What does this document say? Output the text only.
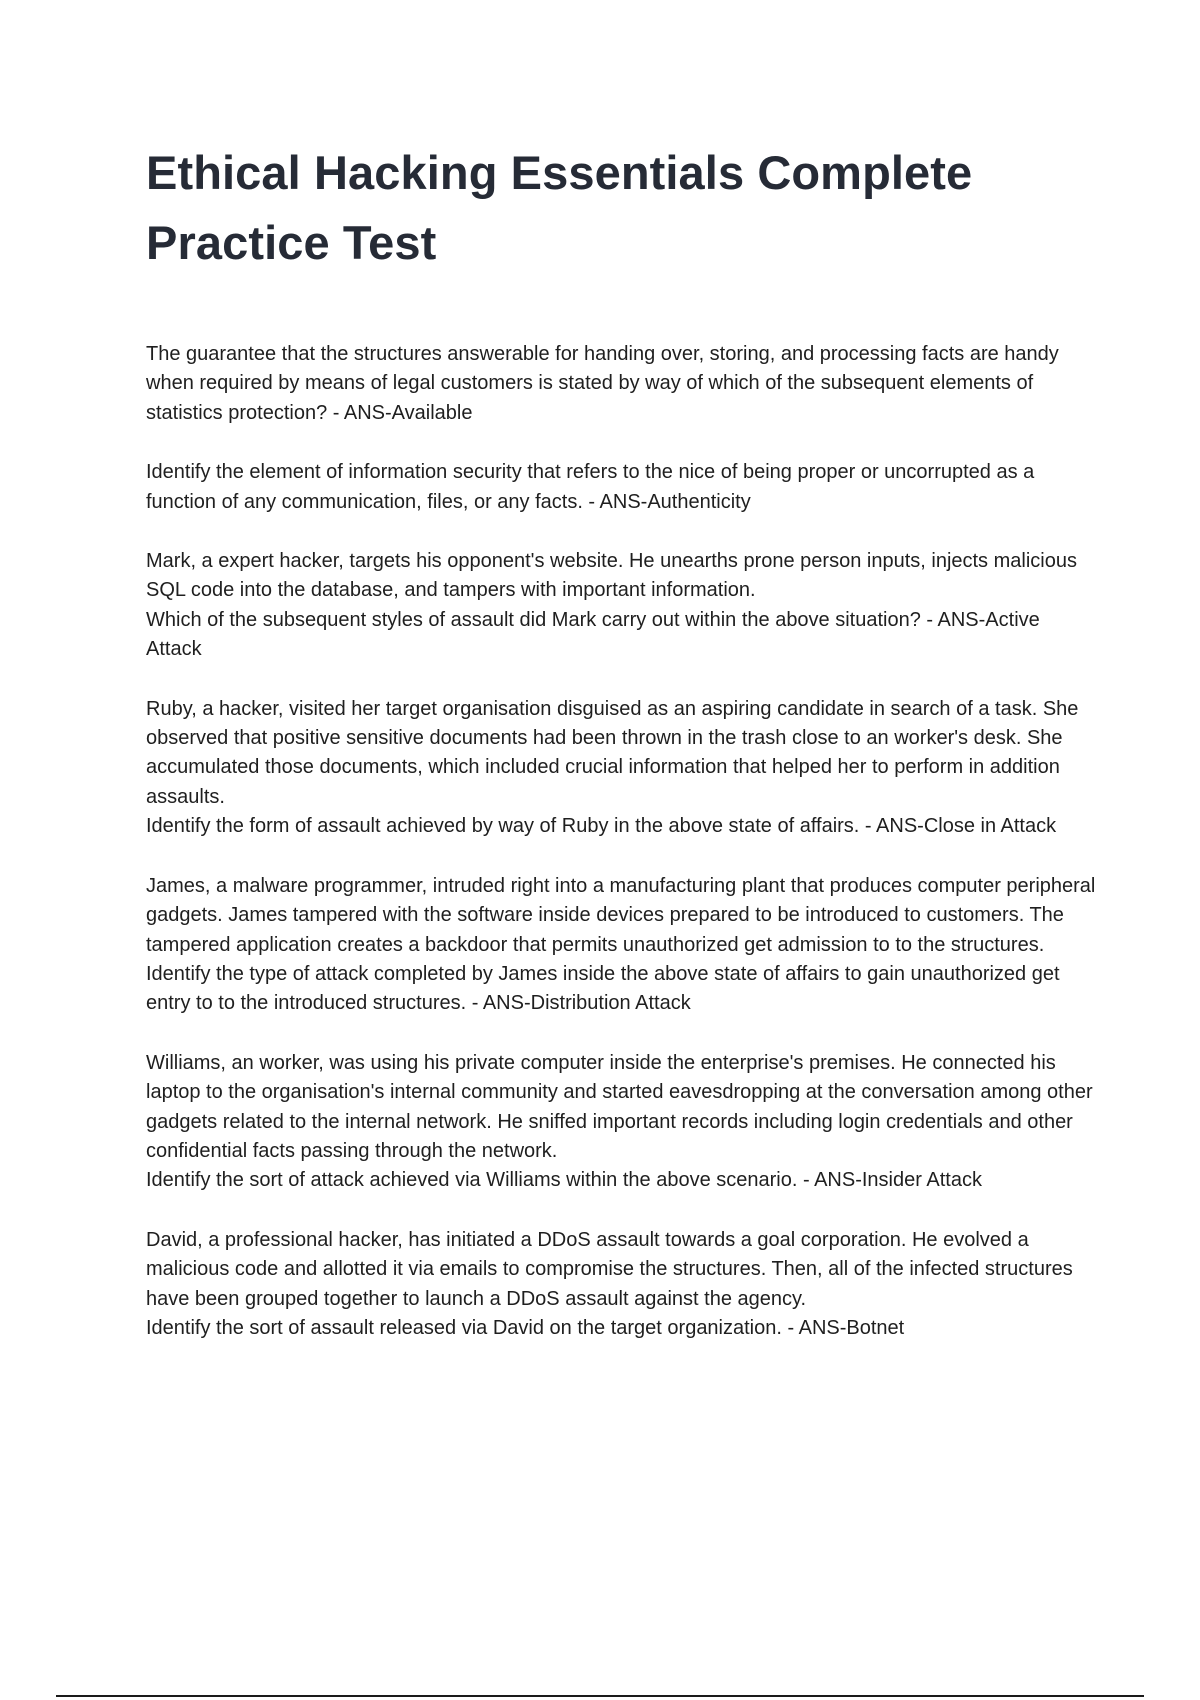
Ethical Hacking Essentials Complete Practice Test

The guarantee that the structures answerable for handing over, storing, and processing facts are handy when required by means of legal customers is stated by way of which of the subsequent elements of statistics protection? - ANS-Available

Identify the element of information security that refers to the nice of being proper or uncorrupted as a function of any communication, files, or any facts. - ANS-Authenticity

Mark, a expert hacker, targets his opponent's website. He unearths prone person inputs, injects malicious SQL code into the database, and tampers with important information.
Which of the subsequent styles of assault did Mark carry out within the above situation? - ANS-Active Attack

Ruby, a hacker, visited her target organisation disguised as an aspiring candidate in search of a task. She observed that positive sensitive documents had been thrown in the trash close to an worker's desk. She accumulated those documents, which included crucial information that helped her to perform in addition assaults.
Identify the form of assault achieved by way of Ruby in the above state of affairs. - ANS-Close in Attack

James, a malware programmer, intruded right into a manufacturing plant that produces computer peripheral gadgets. James tampered with the software inside devices prepared to be introduced to customers. The tampered application creates a backdoor that permits unauthorized get admission to to the structures.
Identify the type of attack completed by James inside the above state of affairs to gain unauthorized get entry to to the introduced structures. - ANS-Distribution Attack

Williams, an worker, was using his private computer inside the enterprise's premises. He connected his laptop to the organisation's internal community and started eavesdropping at the conversation among other gadgets related to the internal network. He sniffed important records including login credentials and other confidential facts passing through the network.
Identify the sort of attack achieved via Williams within the above scenario. - ANS-Insider Attack

David, a professional hacker, has initiated a DDoS assault towards a goal corporation. He evolved a malicious code and allotted it via emails to compromise the structures. Then, all of the infected structures have been grouped together to launch a DDoS assault against the agency.
Identify the sort of assault released via David on the target organization. - ANS-Botnet
